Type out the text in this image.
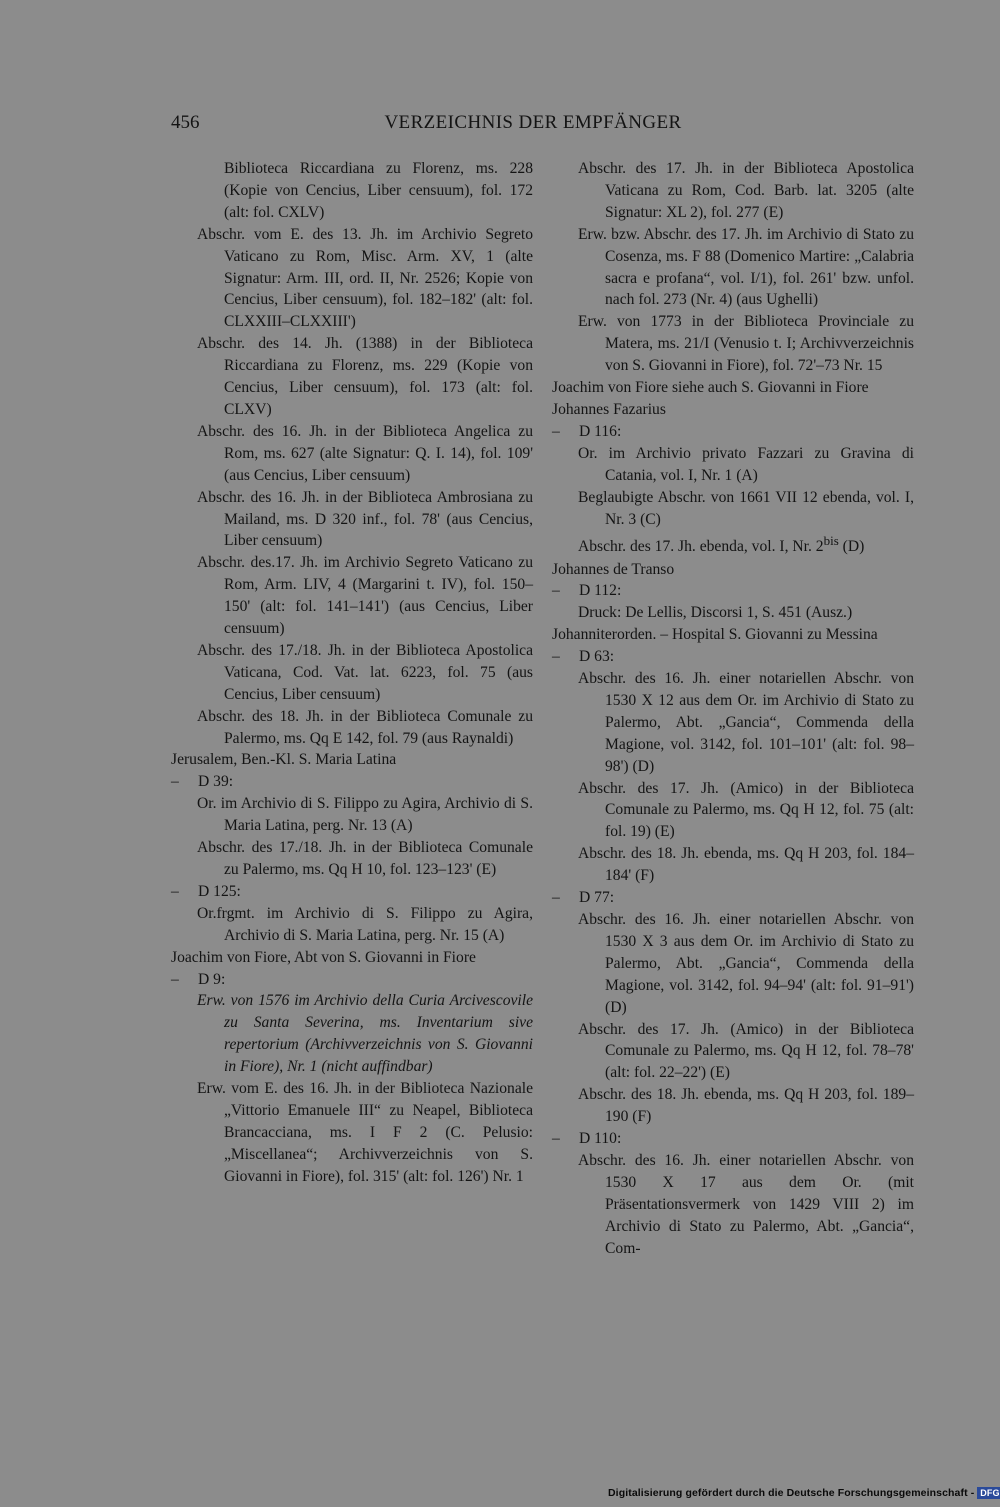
456	VERZEICHNIS DER EMPFÄNGER
Biblioteca Riccardiana zu Florenz, ms. 228 (Kopie von Cencius, Liber censuum), fol. 172 (alt: fol. CXLV)
Abschr. vom E. des 13. Jh. im Archivio Segreto Vaticano zu Rom, Misc. Arm. XV, 1 (alte Signatur: Arm. III, ord. II, Nr. 2526; Kopie von Cencius, Liber censuum), fol. 182–182' (alt: fol. CLXXIII–CLXXIII')
Abschr. des 14. Jh. (1388) in der Biblioteca Riccardiana zu Florenz, ms. 229 (Kopie von Cencius, Liber censuum), fol. 173 (alt: fol. CLXV)
Abschr. des 16. Jh. in der Biblioteca Angelica zu Rom, ms. 627 (alte Signatur: Q. I. 14), fol. 109' (aus Cencius, Liber censuum)
Abschr. des 16. Jh. in der Biblioteca Ambrosiana zu Mailand, ms. D 320 inf., fol. 78' (aus Cencius, Liber censuum)
Abschr. des.17. Jh. im Archivio Segreto Vaticano zu Rom, Arm. LIV, 4 (Margarini t. IV), fol. 150–150' (alt: fol. 141–141') (aus Cencius, Liber censuum)
Abschr. des 17./18. Jh. in der Biblioteca Apostolica Vaticana, Cod. Vat. lat. 6223, fol. 75 (aus Cencius, Liber censuum)
Abschr. des 18. Jh. in der Biblioteca Comunale zu Palermo, ms. Qq E 142, fol. 79 (aus Raynaldi)
Jerusalem, Ben.-Kl. S. Maria Latina
– D 39:
Or. im Archivio di S. Filippo zu Agira, Archivio di S. Maria Latina, perg. Nr. 13 (A)
Abschr. des 17./18. Jh. in der Biblioteca Comunale zu Palermo, ms. Qq H 10, fol. 123–123' (E)
– D 125:
Or.frgmt. im Archivio di S. Filippo zu Agira, Archivio di S. Maria Latina, perg. Nr. 15 (A)
Joachim von Fiore, Abt von S. Giovanni in Fiore
– D 9:
Erw. von 1576 im Archivio della Curia Arcivescovile zu Santa Severina, ms. Inventarium sive repertorium (Archivverzeichnis von S. Giovanni in Fiore), Nr. 1 (nicht auffindbar)
Erw. vom E. des 16. Jh. in der Biblioteca Nazionale „Vittorio Emanuele III“ zu Neapel, Biblioteca Brancacciana, ms. I F 2 (C. Pelusio: „Miscellanea“; Archivverzeichnis von S. Giovanni in Fiore), fol. 315' (alt: fol. 126') Nr. 1
Abschr. des 17. Jh. in der Biblioteca Apostolica Vaticana zu Rom, Cod. Barb. lat. 3205 (alte Signatur: XL 2), fol. 277 (E)
Erw. bzw. Abschr. des 17. Jh. im Archivio di Stato zu Cosenza, ms. F 88 (Domenico Martire: „Calabria sacra e profana“, vol. I/1), fol. 261' bzw. unfol. nach fol. 273 (Nr. 4) (aus Ughelli)
Erw. von 1773 in der Biblioteca Provinciale zu Matera, ms. 21/I (Venusio t. I; Archivverzeichnis von S. Giovanni in Fiore), fol. 72'–73 Nr. 15
Joachim von Fiore siehe auch S. Giovanni in Fiore
Johannes Fazarius
– D 116:
Or. im Archivio privato Fazzari zu Gravina di Catania, vol. I, Nr. 1 (A)
Beglaubigte Abschr. von 1661 VII 12 ebenda, vol. I, Nr. 3 (C)
Abschr. des 17. Jh. ebenda, vol. I, Nr. $2^{bis}$ (D)
Johannes de Transo
– D 112:
Druck: De Lellis, Discorsi 1, S. 451 (Ausz.)
Johanniterorden. – Hospital S. Giovanni zu Messina
– D 63:
Abschr. des 16. Jh. einer notariellen Abschr. von 1530 X 12 aus dem Or. im Archivio di Stato zu Palermo, Abt. „Gancia“, Commenda della Magione, vol. 3142, fol. 101–101' (alt: fol. 98–98') (D)
Abschr. des 17. Jh. (Amico) in der Biblioteca Comunale zu Palermo, ms. Qq H 12, fol. 75 (alt: fol. 19) (E)
Abschr. des 18. Jh. ebenda, ms. Qq H 203, fol. 184–184' (F)
– D 77:
Abschr. des 16. Jh. einer notariellen Abschr. von 1530 X 3 aus dem Or. im Archivio di Stato zu Palermo, Abt. „Gancia“, Commenda della Magione, vol. 3142, fol. 94–94' (alt: fol. 91–91') (D)
Abschr. des 17. Jh. (Amico) in der Biblioteca Comunale zu Palermo, ms. Qq H 12, fol. 78–78' (alt: fol. 22–22') (E)
Abschr. des 18. Jh. ebenda, ms. Qq H 203, fol. 189–190 (F)
– D 110:
Abschr. des 16. Jh. einer notariellen Abschr. von 1530 X 17 aus dem Or. (mit Präsentationsvermerk von 1429 VIII 2) im Archivio di Stato zu Palermo, Abt. „Gancia“, Com-
Digitalisierung gefördert durch die Deutsche Forschungsgemeinschaft - DFG
